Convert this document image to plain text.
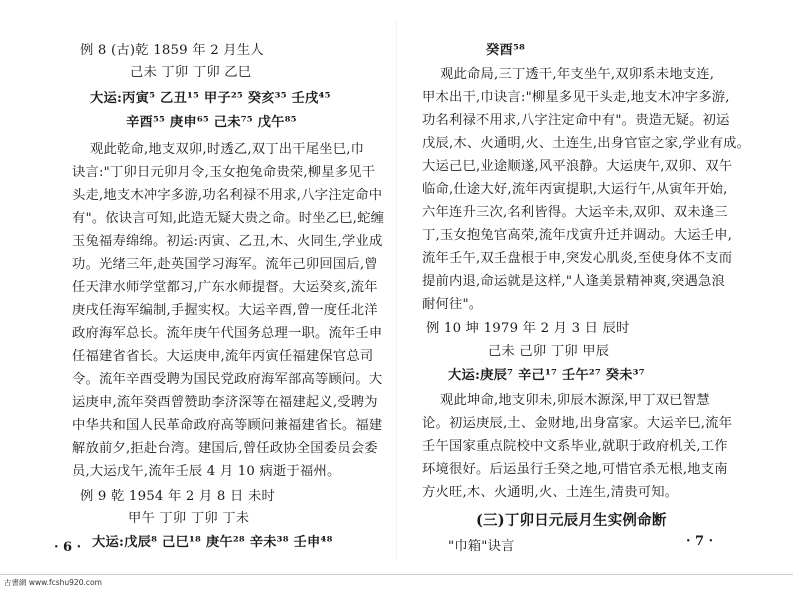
例 8 (古)乾 1859 年 2 月生人
己未 丁卯 丁卯 乙巳
大运:丙寅⁵ 乙丑¹⁵ 甲子²⁵ 癸亥³⁵ 壬戌⁴⁵
辛酉⁵⁵ 庚申⁶⁵ 己未⁷⁵ 戊午⁸⁵
观此乾命,地支双卯,时透乙,双丁出干尾坐巳,巾
诀言:"丁卯日元卯月令,玉女抱兔命贵荣,柳星多见干
头走,地支木冲字多游,功名利禄不用求,八字注定命中
有"。依诀言可知,此造无疑大贵之命。时坐乙巳,蛇缠
玉兔福寿绵绵。初运:丙寅、乙丑,木、火同生,学业成
功。光绪三年,赴英国学习海军。流年己卯回国后,曾
任天津水师学堂都习,广东水师提督。大运癸亥,流年
庚戌任海军编制,手握实权。大运辛酉,曾一度任北洋
政府海军总长。流年庚午代国务总理一职。流年壬申
任福建省省长。大运庚申,流年丙寅任福建保官总司
令。流年辛酉受聘为国民党政府海军部高等顾问。大
运庚申,流年癸酉曾赞助李济深等在福建起义,受聘为
中华共和国人民革命政府高等顾问兼福建省长。福建
解放前夕,拒赴台湾。建国后,曾任政协全国委员会委
员,大运戊午,流年壬辰 4 月 10 病逝于福州。
例 9 乾 1954 年 2 月 8 日 未时
甲午 丁卯 丁卯 丁未
大运:戊辰⁸ 己巳¹⁸ 庚午²⁸ 辛未³⁸ 壬申⁴⁸
· 6 ·
癸酉⁵⁸
观此命局,三丁透干,年支坐午,双卯系未地支连,
甲木出干,巾诀言:"柳星多见干头走,地支木冲字多游,
功名利禄不用求,八字注定命中有"。贵造无疑。初运
戊辰,木、火通明,火、土连生,出身官宦之家,学业有成。
大运己巳,业途顺遂,风平浪静。大运庚午,双卯、双午
临命,仕途大好,流年丙寅提职,大运行午,从寅年开始,
六年连升三次,名利皆得。大运辛未,双卯、双未逢三
丁,玉女抱兔官高荣,流年戊寅升迁并调动。大运壬申,
流年壬午,双壬盘根于申,突发心肌炎,至使身体不支而
提前内退,命运就是这样,"人逢美景精神爽,突遇急浪
耐何往"。
例 10 坤 1979 年 2 月 3 日 辰时
己未 己卯 丁卯 甲辰
大运:庚辰⁷ 辛己¹⁷ 壬午²⁷ 癸未³⁷
观此坤命,地支卯未,卯辰木源深,甲丁双已智慧
论。初运庚辰,土、金财地,出身富家。大运辛巳,流年
壬午国家重点院校中文系毕业,就职于政府机关,工作
环境很好。后运虽行壬癸之地,可惜官杀无根,地支南
方火旺,木、火通明,火、土连生,清贵可知。
(三)丁卯日元辰月生实例命断
"巾箱"诀言	· 7 ·
古書網 www.fcshu920.com
